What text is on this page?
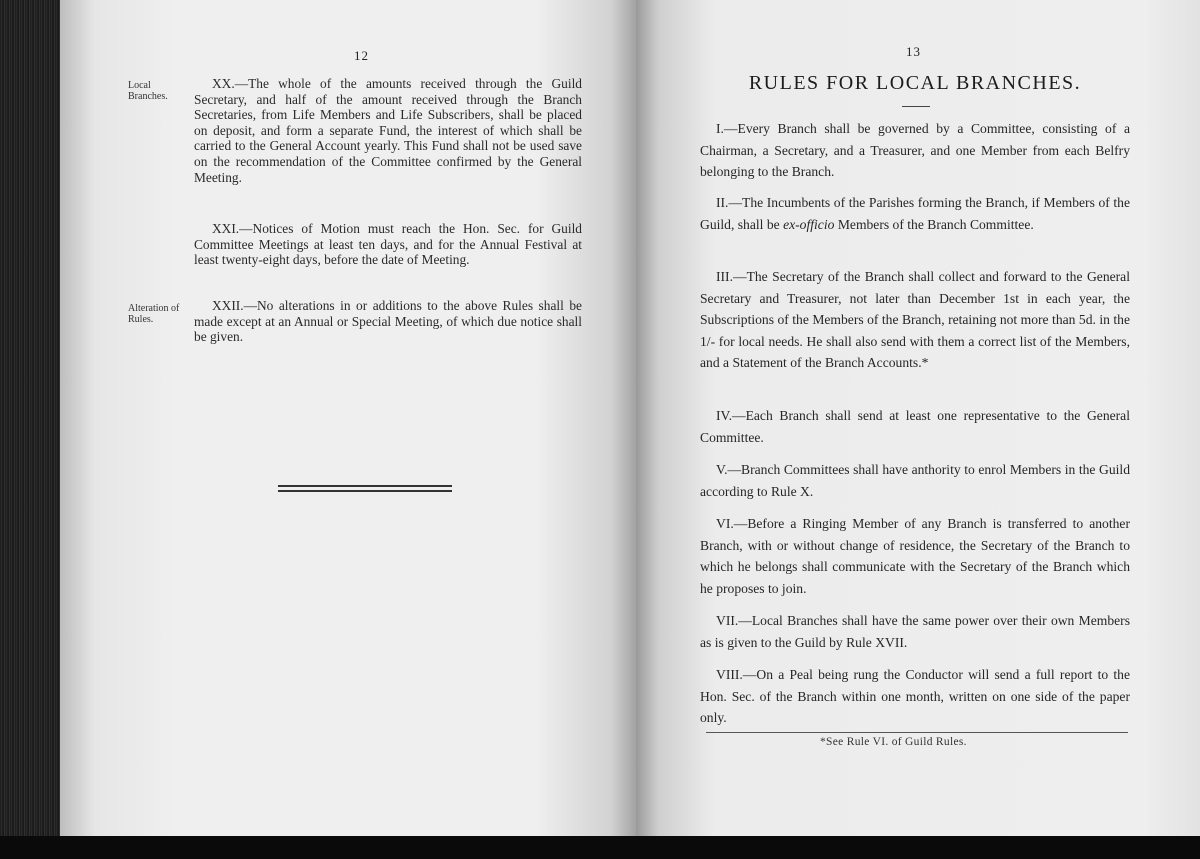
12
Local Branches.
Alteration of Rules.

XX.—The whole of the amounts received through the Guild Secretary, and half of the amount received through the Branch Secretaries, from Life Members and Life Subscribers, shall be placed on deposit, and form a separate Fund, the interest of which shall be carried to the General Account yearly. This Fund shall not be used save on the recommendation of the Committee confirmed by the General Meeting.

XXI.—Notices of Motion must reach the Hon. Sec. for Guild Committee Meetings at least ten days, and for the Annual Festival at least twenty-eight days, before the date of Meeting.

XXII.—No alterations in or additions to the above Rules shall be made except at an Annual or Special Meeting, of which due notice shall be given.

13
RULES FOR LOCAL BRANCHES.

I.—Every Branch shall be governed by a Committee, consisting of a Chairman, a Secretary, and a Treasurer, and one Member from each Belfry belonging to the Branch.

II.—The Incumbents of the Parishes forming the Branch, if Members of the Guild, shall be ex-officio Members of the Branch Committee.

III.—The Secretary of the Branch shall collect and forward to the General Secretary and Treasurer, not later than December 1st in each year, the Subscriptions of the Members of the Branch, retaining not more than 5d. in the 1/- for local needs. He shall also send with them a correct list of the Members, and a Statement of the Branch Accounts.*

IV.—Each Branch shall send at least one representative to the General Committee.

V.—Branch Committees shall have anthority to enrol Members in the Guild according to Rule X.

VI.—Before a Ringing Member of any Branch is transferred to another Branch, with or without change of residence, the Secretary of the Branch to which he belongs shall communicate with the Secretary of the Branch which he proposes to join.

VII.—Local Branches shall have the same power over their own Members as is given to the Guild by Rule XVII.

VIII.—On a Peal being rung the Conductor will send a full report to the Hon. Sec. of the Branch within one month, written on one side of the paper only.

*See Rule VI. of Guild Rules.
